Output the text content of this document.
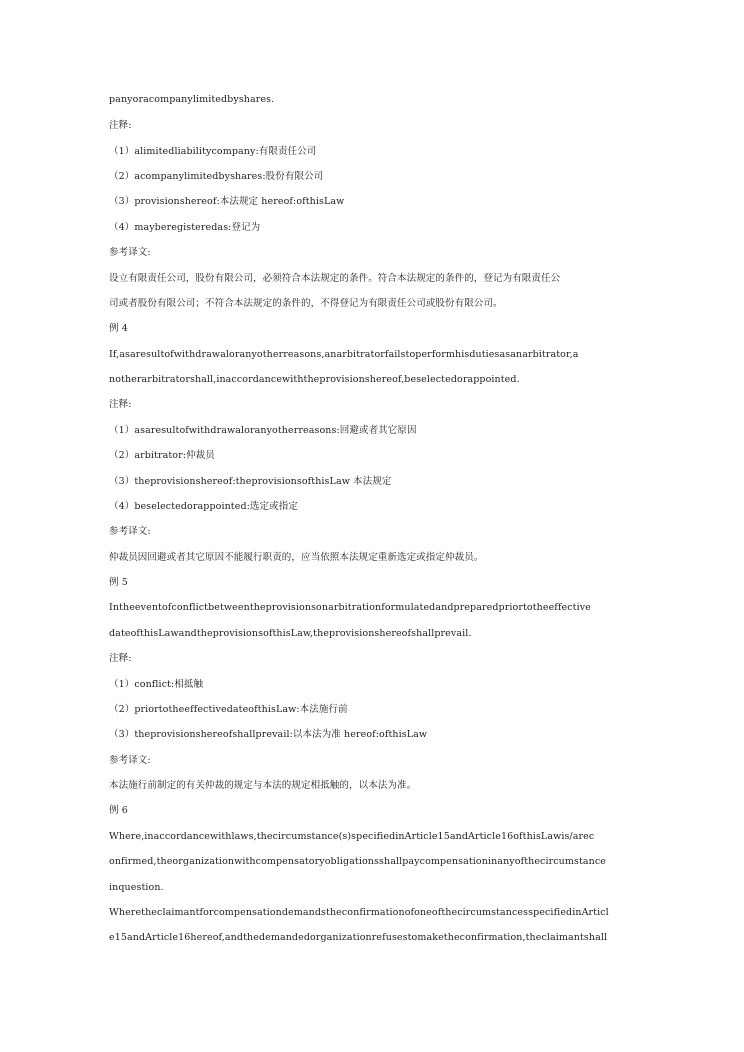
panyoracompanylimitedbyshares.
注释:
（1）alimitedliabilitycompany:有限责任公司
（2）acompanylimitedbyshares:股份有限公司
（3）provisionshereof:本法规定 hereof:ofthisLaw
（4）mayberegisteredas:登记为
参考译文:
设立有限责任公司，股份有限公司，必须符合本法规定的条件。符合本法规定的条件的，登记为有限责任公
司或者股份有限公司；不符合本法规定的条件的，不得登记为有限责任公司或股份有限公司。
例 4
If,asaresultofwithdrawaloranyotherreasons,anarbitratorfailstoperformhisdutiesasanarbitrator,a
notherarbitratorshall,inaccordancewiththeprovisionshereof,beselectedorappointed.
注释:
（1）asaresultofwithdrawaloranyotherreasons:回避或者其它原因
（2）arbitrator:仲裁员
（3）theprovisionshereof:theprovisionsofthisLaw 本法规定
（4）beselectedorappointed:选定或指定
参考译文:
仲裁员因回避或者其它原因不能履行职责的，应当依照本法规定重新选定或指定仲裁员。
例 5
Intheeventofconflictbetweentheprovisionsonarbitrationformulatedandpreparedpriortotheeffective
dateofthisLawandtheprovisionsofthisLaw,theprovisionshereofshallprevail.
注释:
（1）conflict:相抵触
（2）priortotheeffectivedateofthisLaw:本法施行前
（3）theprovisionshereofshallprevail:以本法为准 hereof:ofthisLaw
参考译文:
本法施行前制定的有关仲裁的规定与本法的规定相抵触的，以本法为准。
例 6
Where,inaccordancewithlaws,thecircumstance(s)specifiedinArticle15andArticle16ofthisLawis/arec
onfirmed,theorganizationwithcompensatoryobligationsshallpaycompensationinanyofthecircumstance
inquestion.
WheretheclaimantforcompensationdemandstheconfirmationofoneofthecircumstancesspecifiedinArticl
e15andArticle16hereof,andthedemandedorganizationrefusestomaketheconfirmation,theclaimantshall
